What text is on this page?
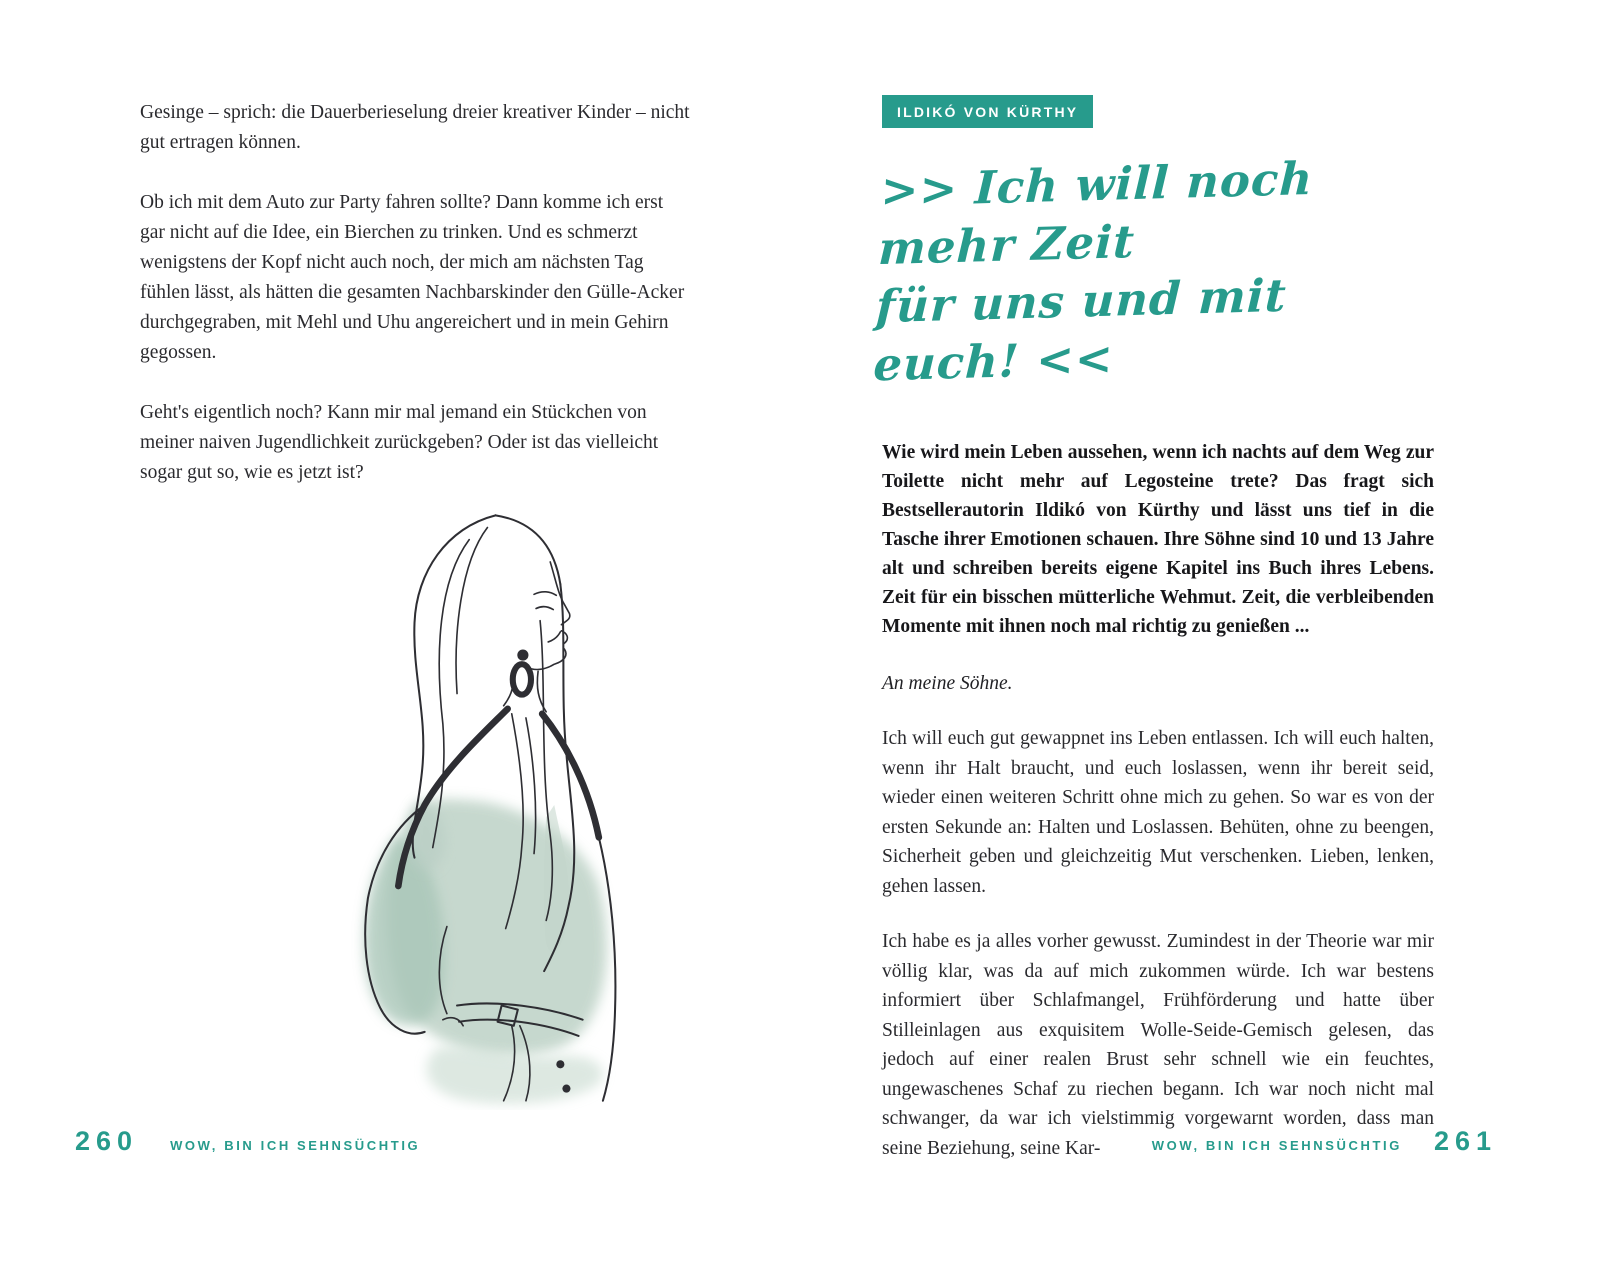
Gesinge – sprich: die Dauerberieselung dreier kreativer Kinder – nicht gut ertragen können.

Ob ich mit dem Auto zur Party fahren sollte? Dann komme ich erst gar nicht auf die Idee, ein Bierchen zu trinken. Und es schmerzt wenigstens der Kopf nicht auch noch, der mich am nächsten Tag fühlen lässt, als hätten die gesamten Nachbarskinder den Gülle-Acker durchgegraben, mit Mehl und Uhu angereichert und in mein Gehirn gegossen.

Geht's eigentlich noch? Kann mir mal jemand ein Stückchen von meiner naiven Jugendlichkeit zurückgeben? Oder ist das vielleicht sogar gut so, wie es jetzt ist?

260 WOW, BIN ICH SEHNSÜCHTIG
ILDIKÓ VON KÜRTHY
>> Ich will noch mehr Zeit
für uns und mit euch! <<

Wie wird mein Leben aussehen, wenn ich nachts auf dem Weg zur Toilette nicht mehr auf Legosteine trete? Das fragt sich Bestsellerautorin Ildikó von Kürthy und lässt uns tief in die Tasche ihrer Emotionen schauen. Ihre Söhne sind 10 und 13 Jahre alt und schreiben bereits eigene Kapitel ins Buch ihres Lebens. Zeit für ein bisschen mütterliche Wehmut. Zeit, die verbleibenden Momente mit ihnen noch mal richtig zu genießen ...

An meine Söhne.

Ich will euch gut gewappnet ins Leben entlassen. Ich will euch halten, wenn ihr Halt braucht, und euch loslassen, wenn ihr bereit seid, wieder einen weiteren Schritt ohne mich zu gehen. So war es von der ersten Sekunde an: Halten und Loslassen. Behüten, ohne zu beengen, Sicherheit geben und gleichzeitig Mut verschenken. Lieben, lenken, gehen lassen.

Ich habe es ja alles vorher gewusst. Zumindest in der Theorie war mir völlig klar, was da auf mich zukommen würde. Ich war bestens informiert über Schlafmangel, Frühförderung und hatte über Stilleinlagen aus exquisitem Wolle-Seide-Gemisch gelesen, das jedoch auf einer realen Brust sehr schnell wie ein feuchtes, ungewaschenes Schaf zu riechen begann. Ich war noch nicht mal schwanger, da war ich vielstimmig vorgewarnt worden, dass man seine Beziehung, seine Kar-	WOW, BIN ICH SEHNSÜCHTIG 261
